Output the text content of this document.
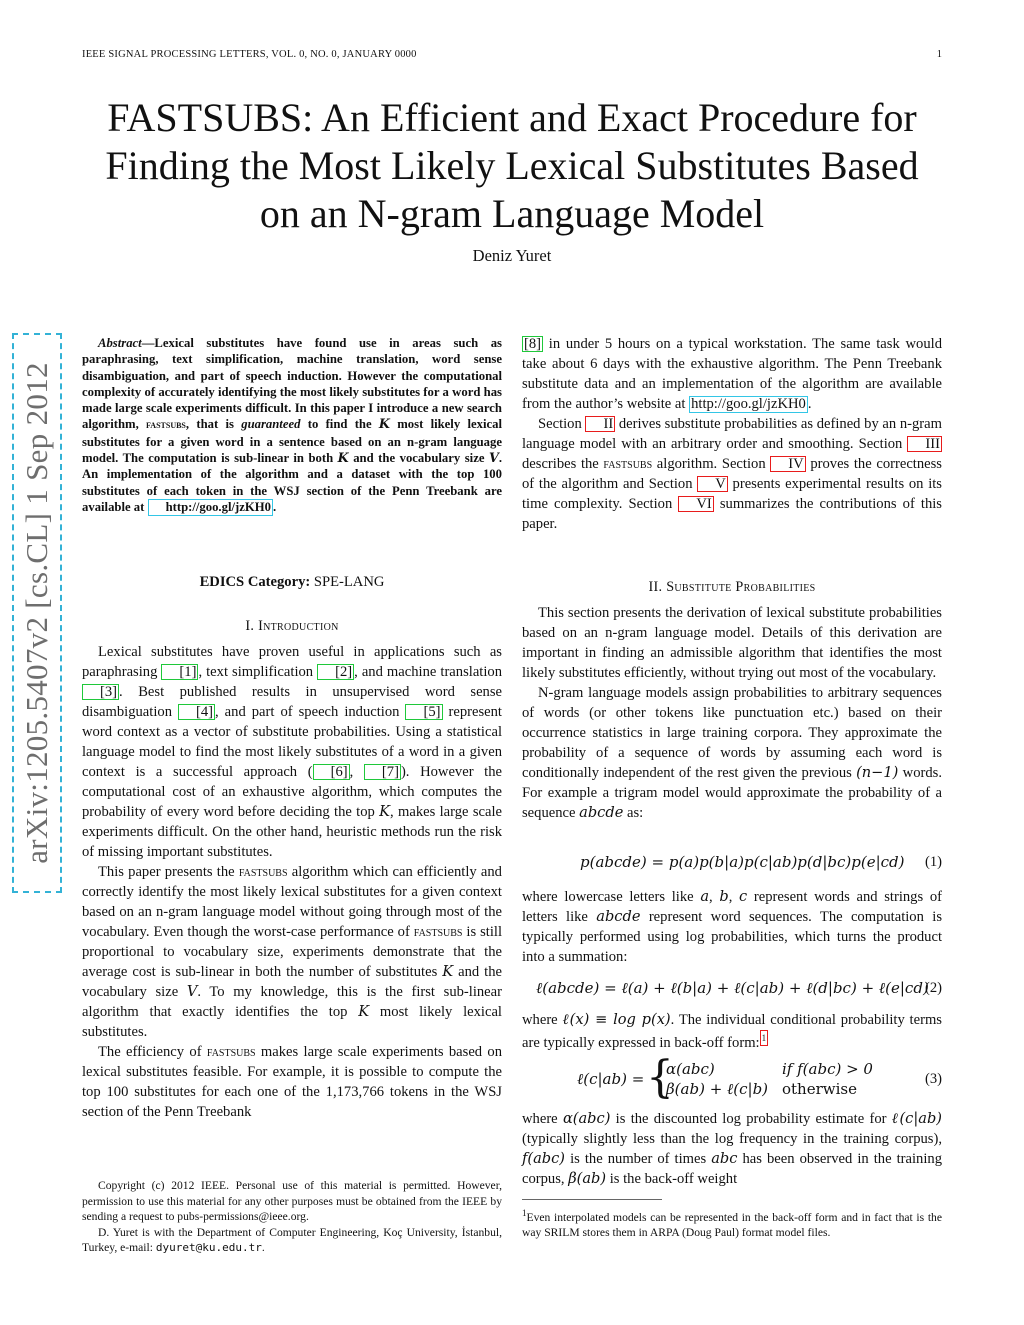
IEEE SIGNAL PROCESSING LETTERS, VOL. 0, NO. 0, JANUARY 0000	1
FASTSUBS: An Efficient and Exact Procedure for
Finding the Most Likely Lexical Substitutes Based
on an N-gram Language Model
Deniz Yuret
arXiv:1205.5407v2 [cs.CL] 1 Sep 2012
Abstract—Lexical substitutes have found use in areas such as paraphrasing, text simplification, machine translation, word sense disambiguation, and part of speech induction. However the computational complexity of accurately identifying the most likely substitutes for a word has made large scale experiments difficult. In this paper I introduce a new search algorithm, fastsubs, that is guaranteed to find the K most likely lexical substitutes for a given word in a sentence based on an n-gram language model. The computation is sub-linear in both K and the vocabulary size V. An implementation of the algorithm and a dataset with the top 100 substitutes of each token in the WSJ section of the Penn Treebank are available at http://goo.gl/jzKH0 .
EDICS Category: SPE-LANG
I. Introduction

Lexical substitutes have proven useful in applications such as paraphrasing [1] , text simplification [2] , and machine translation [3] . Best published results in unsupervised word sense disambiguation [4] , and part of speech induction [5] represent word context as a vector of substitute probabilities. Using a statistical language model to find the most likely substitutes of a word in a given context is a successful approach ( [6] , [7] ). However the computational cost of an exhaustive algorithm, which computes the probability of every word before deciding the top K, makes large scale experiments difficult. On the other hand, heuristic methods run the risk of missing important substitutes.

This paper presents the fastsubs algorithm which can efficiently and correctly identify the most likely lexical substitutes for a given context based on an n-gram language model without going through most of the vocabulary. Even though the worst-case performance of fastsubs is still proportional to vocabulary size, experiments demonstrate that the average cost is sub-linear in both the number of substitutes K and the vocabulary size V. To my knowledge, this is the first sub-linear algorithm that exactly identifies the top K most likely lexical substitutes.

The efficiency of fastsubs makes large scale experiments based on lexical substitutes feasible. For example, it is possible to compute the top 100 substitutes for each one of the 1,173,766 tokens in the WSJ section of the Penn Treebank

Copyright (c) 2012 IEEE. Personal use of this material is permitted. However, permission to use this material for any other purposes must be obtained from the IEEE by sending a request to pubs-permissions@ieee.org.
D. Yuret is with the Department of Computer Engineering, Koç University, İstanbul, Turkey, e-mail: dyuret@ku.edu.tr.

[8] in under 5 hours on a typical workstation. The same task would take about 6 days with the exhaustive algorithm. The Penn Treebank substitute data and an implementation of the algorithm are available from the author’s website at http://goo.gl/jzKH0 .

Section II derives substitute probabilities as defined by an n-gram language model with an arbitrary order and smoothing. Section III describes the fastsubs algorithm. Section IV proves the correctness of the algorithm and Section V presents experimental results on its time complexity. Section VI summarizes the contributions of this paper.

II. Substitute Probabilities

This section presents the derivation of lexical substitute probabilities based on an n-gram language model. Details of this derivation are important in finding an admissible algorithm that identifies the most likely substitutes efficiently, without trying out most of the vocabulary.

N-gram language models assign probabilities to arbitrary sequences of words (or other tokens like punctuation etc.) based on their occurrence statistics in large training corpora. They approximate the probability of a sequence of words by assuming each word is conditionally independent of the rest given the previous (n−1) words. For example a trigram model would approximate the probability of a sequence abcde as:

p(abcde) = p(a)p(b|a)p(c|ab)p(d|bc)p(e|cd) (1)

where lowercase letters like a, b, c represent words and strings of letters like abcde represent word sequences. The computation is typically performed using log probabilities, which turns the product into a summation:

ℓ(abcde) = ℓ(a) + ℓ(b|a) + ℓ(c|ab) + ℓ(d|bc) + ℓ(e|cd)
(2)

where ℓ(x) ≡ log p(x). The individual conditional probability terms are typically expressed in back-off form: $^1$

ℓ(c|ab) = {
α(abc)	if f(abc) > 0
β(ab) + ℓ(c|b) otherwise
(3)

where α(abc) is the discounted log probability estimate for ℓ(c|ab) (typically slightly less than the log frequency in the training corpus), f(abc) is the number of times abc has been observed in the training corpus, β(ab) is the back-off weight

$^1$Even interpolated models can be represented in the back-off form and in fact that is the way SRILM stores them in ARPA (Doug Paul) format model files.
